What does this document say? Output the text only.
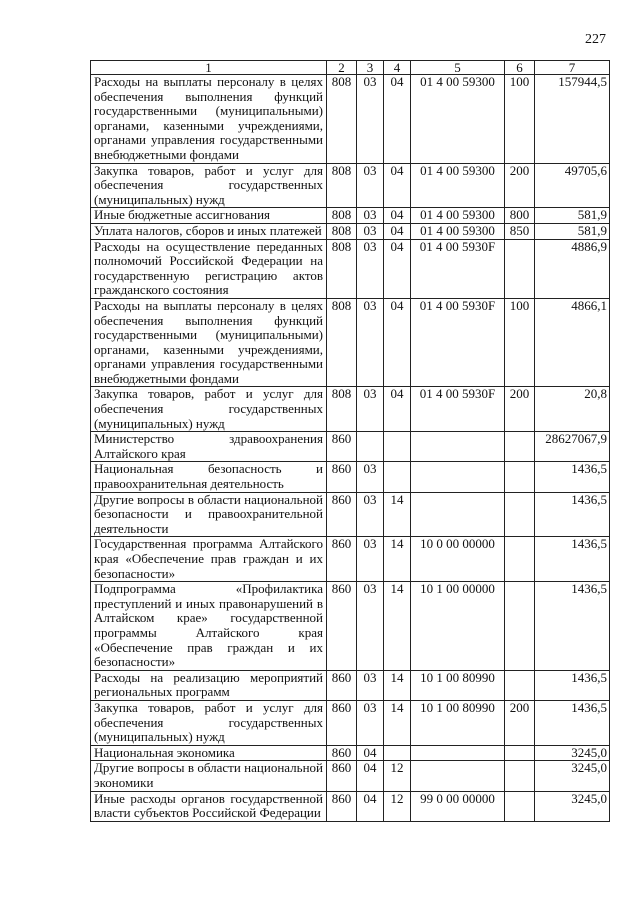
227
1	2	3	4	5	6	7
Расходы на выплаты персоналу в целях обеспечения выполнения функций государственными (муниципальными) органами, казенными учреждениями, органами управления государственными внебюджетными фондами	808	03	04	01 4 00 59300	100	157944,5
Закупка товаров, работ и услуг для обеспечения государственных (муниципальных) нужд	808	03	04	01 4 00 59300	200	49705,6
Иные бюджетные ассигнования	808	03	04	01 4 00 59300	800	581,9
Уплата налогов, сборов и иных платежей	808	03	04	01 4 00 59300	850	581,9
Расходы на осуществление переданных полномочий Российской Федерации на государственную регистрацию актов гражданского состояния	808	03	04	01 4 00 5930F		4886,9
Расходы на выплаты персоналу в целях обеспечения выполнения функций государственными (муниципальными) органами, казенными учреждениями, органами управления государственными внебюджетными фондами	808	03	04	01 4 00 5930F	100	4866,1
Закупка товаров, работ и услуг для обеспечения государственных (муниципальных) нужд	808	03	04	01 4 00 5930F	200	20,8
Министерство здравоохранения Алтайского края	860					28627067,9
Национальная безопасность и правоохранительная деятельность	860	03				1436,5
Другие вопросы в области национальной безопасности и правоохранительной деятельности	860	03	14			1436,5
Государственная программа Алтайского края «Обеспечение прав граждан и их безопасности»	860	03	14	10 0 00 00000		1436,5
Подпрограмма «Профилактика преступлений и иных правонарушений в Алтайском крае» государственной программы Алтайского края «Обеспечение прав граждан и их безопасности»	860	03	14	10 1 00 00000		1436,5
Расходы на реализацию мероприятий региональных программ	860	03	14	10 1 00 80990		1436,5
Закупка товаров, работ и услуг для обеспечения государственных (муниципальных) нужд	860	03	14	10 1 00 80990	200	1436,5
Национальная экономика	860	04				3245,0
Другие вопросы в области национальной экономики	860	04	12			3245,0
Иные расходы органов государственной власти субъектов Российской Федерации	860	04	12	99 0 00 00000		3245,0
